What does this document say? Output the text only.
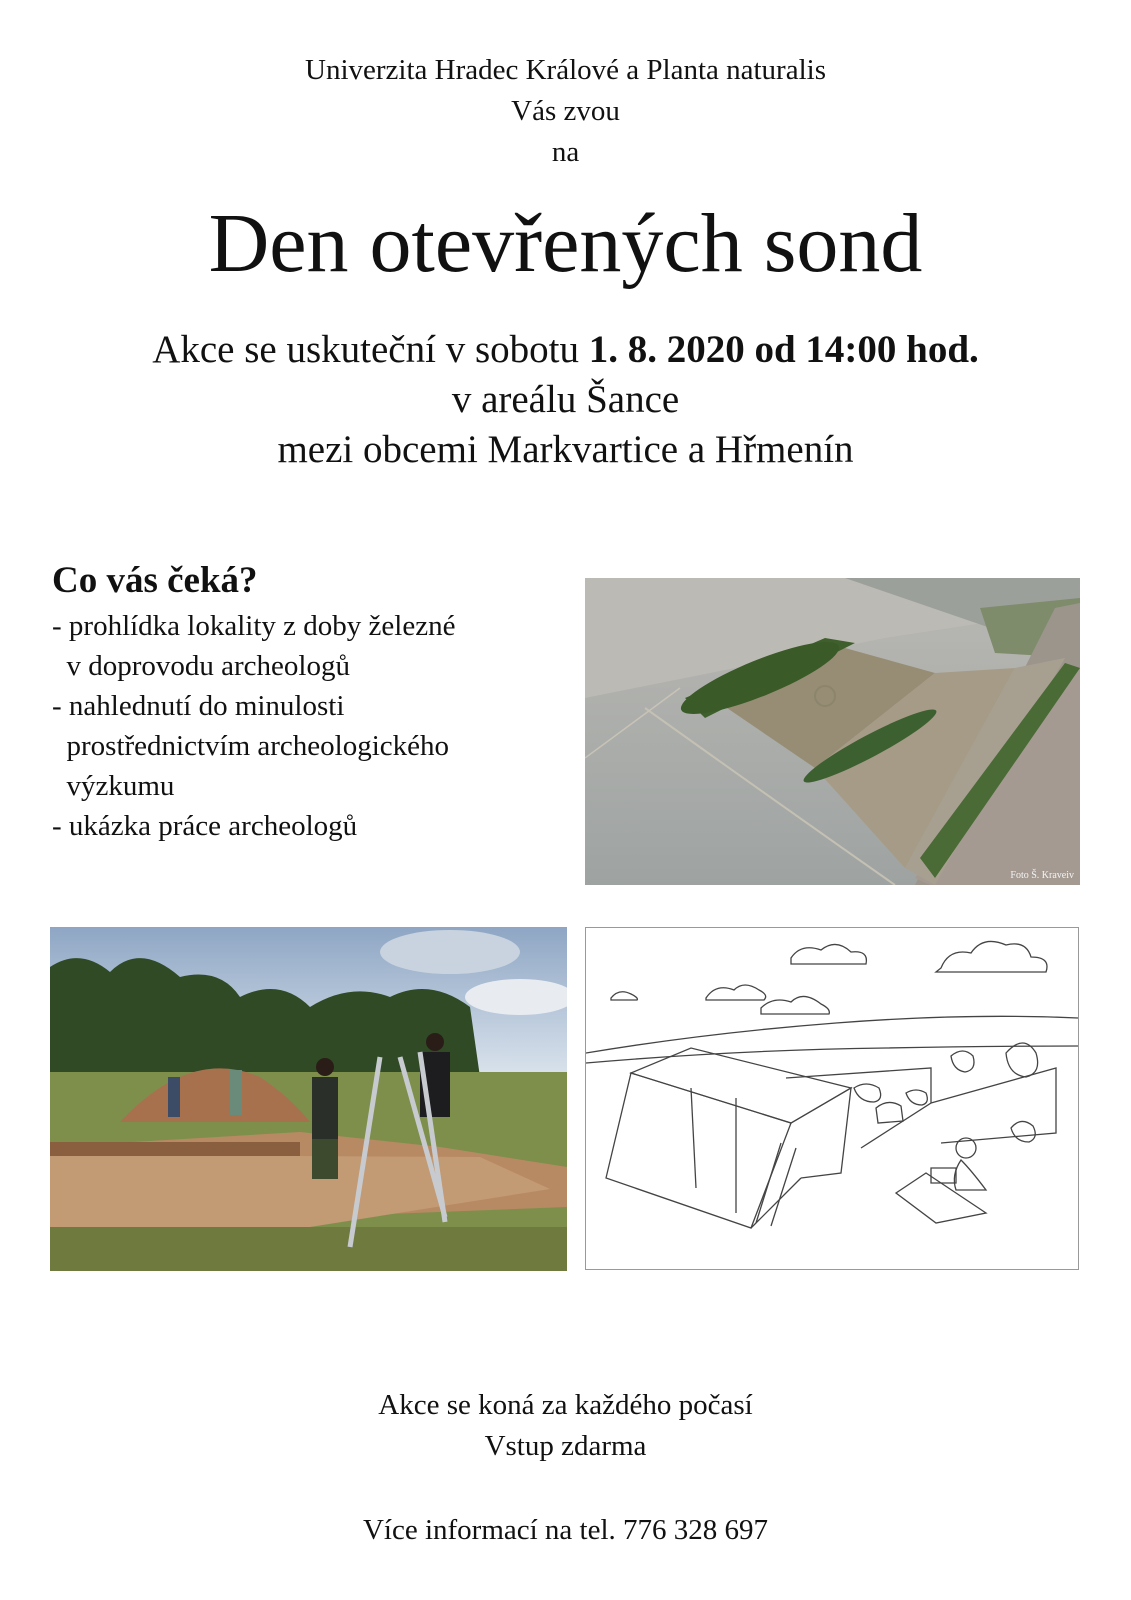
Univerzita Hradec Králové a Planta naturalis
Vás zvou
na
Den otevřených sond
Akce se uskuteční v sobotu 1. 8. 2020 od 14:00 hod.
v areálu Šance
mezi obcemi Markvartice a Hřmenín
Co vás čeká?
- prohlídka lokality z doby železné
v doprovodu archeologů
- nahlednutí do minulosti
prostřednictvím archeologického
výzkumu
- ukázka práce archeologů
Foto Š. Kraveiv
Akce se koná za každého počasí
Vstup zdarma
Více informací na tel. 776 328 697
